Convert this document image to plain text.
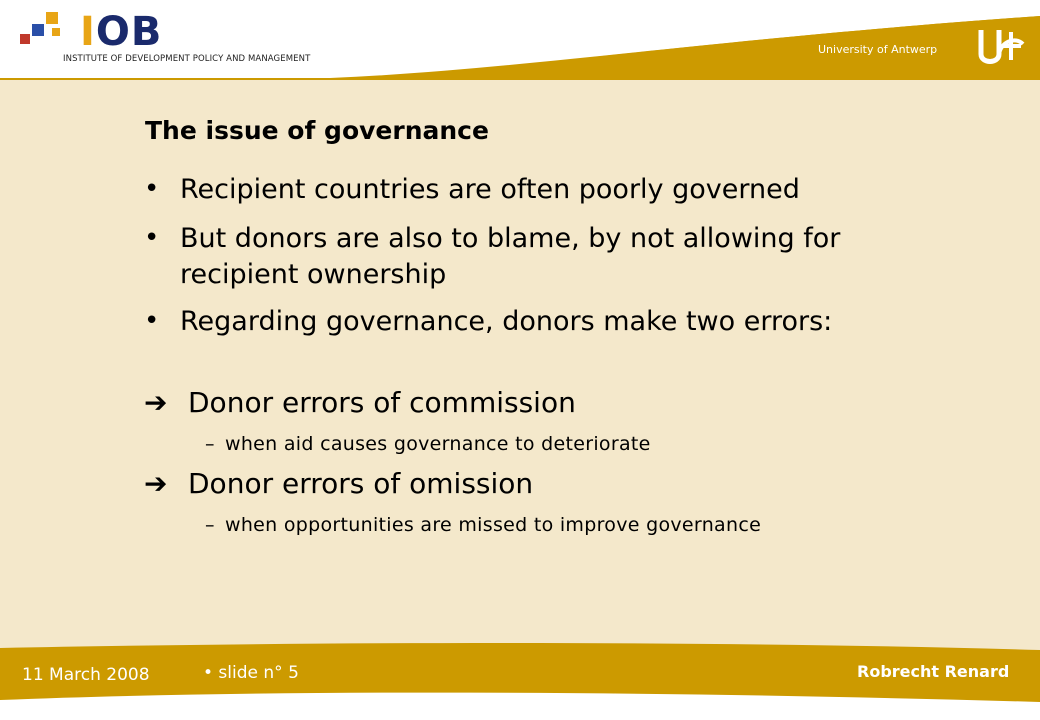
IOB
INSTITUTE OF DEVELOPMENT POLICY AND MANAGEMENT
University of Antwerp
The issue of governance
• Recipient countries are often poorly governed
• But donors are also to blame, by not allowing for recipient ownership
• Regarding governance, donors make two errors:
➔ Donor errors of commission
– when aid causes governance to deteriorate
➔ Donor errors of omission
– when opportunities are missed to improve governance
11 March 2008	• slide n° 5	Robrecht Renard
